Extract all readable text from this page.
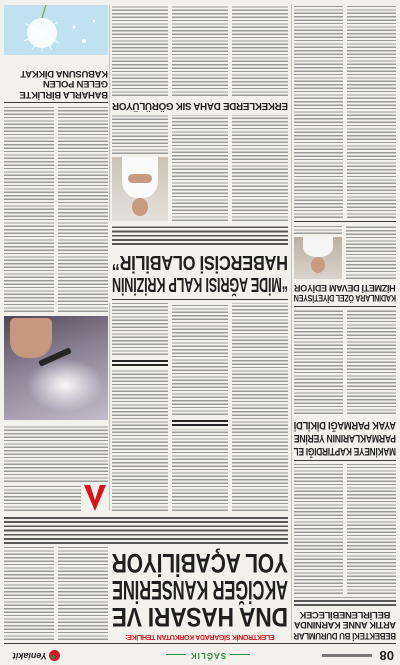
08
SAĞLIK
Yeniakit
BEBEKTEKİ BU DURUMLAR
ARTIK ANNE KARNINDA
BELİRLENEBİLECEK
MAKİNEYE KAPTIRDIĞI EL
PARMAKLARININ YERİNE
AYAK PARMAĞI DİKİLDİ
KADINLARA ÖZEL DİYETİSYEN
HİZMETİ DEVAM EDİYOR
ELEKTRONİK SİGARADA KORKUTAN TEHLİKE:
DNA HASARI VE
AKCİĞER KANSERİNE
YOL AÇABİLİYOR
“MİDE AĞRISI KALP KRİZİNİN
HABERCİSİ OLABİLİR”
ERKEKLERDE DAHA SIK GÖRÜLÜYOR
BAHARLA BİRLİKTE GELEN POLEN KABUSUNA DİKKAT
